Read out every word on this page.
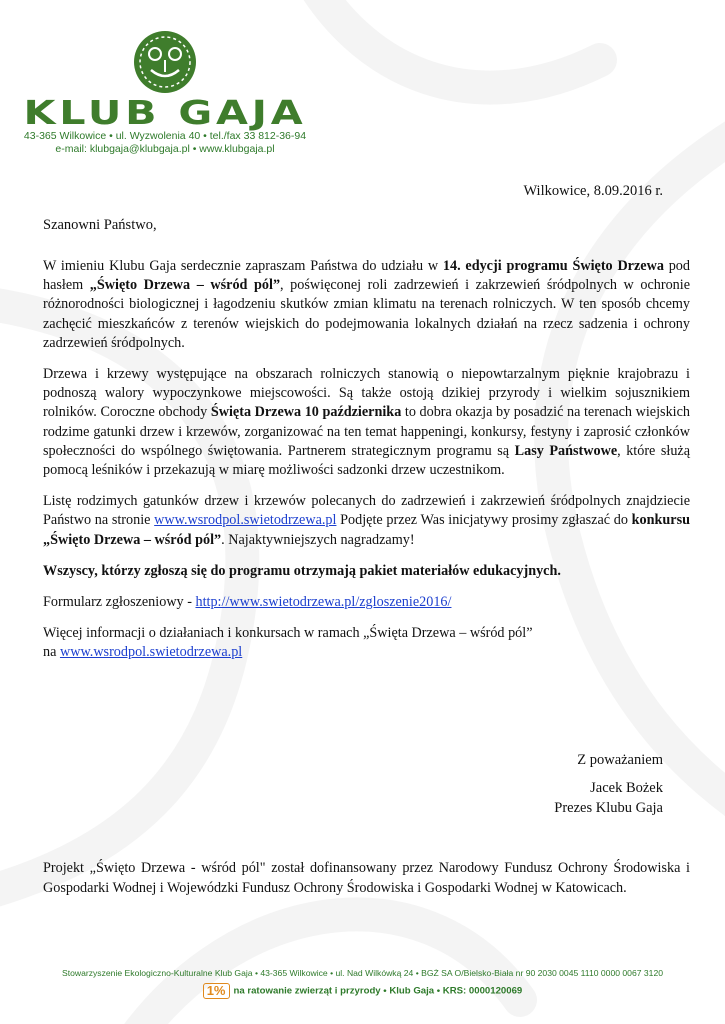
KLUB GAJA
43-365 Wilkowice • ul. Wyzwolenia 40 • tel./fax 33 812-36-94
e-mail: klubgaja@klubgaja.pl • www.klubgaja.pl
Wilkowice, 8.09.2016 r.
Szanowni Państwo,

W imieniu Klubu Gaja serdecznie zapraszam Państwa do udziału w 14. edycji programu Święto Drzewa pod hasłem „Święto Drzewa – wśród pól”, poświęconej roli zadrzewień i zakrzewień śródpolnych w ochronie różnorodności biologicznej i łagodzeniu skutków zmian klimatu na terenach rolniczych. W ten sposób chcemy zachęcić mieszkańców z terenów wiejskich do podejmowania lokalnych działań na rzecz sadzenia i ochrony zadrzewień śródpolnych.

Drzewa i krzewy występujące na obszarach rolniczych stanowią o niepowtarzalnym pięknie krajobrazu i podnoszą walory wypoczynkowe miejscowości. Są także ostoją dzikiej przyrody i wielkim sojusznikiem rolników. Coroczne obchody Święta Drzewa 10 października to dobra okazja by posadzić na terenach wiejskich rodzime gatunki drzew i krzewów, zorganizować na ten temat happeningi, konkursy, festyny i zaprosić członków społeczności do wspólnego świętowania. Partnerem strategicznym programu są Lasy Państwowe, które służą pomocą leśników i przekazują w miarę możliwości sadzonki drzew uczestnikom.

Listę rodzimych gatunków drzew i krzewów polecanych do zadrzewień i zakrzewień śródpolnych znajdziecie Państwo na stronie www.wsrodpol.swietodrzewa.pl Podjęte przez Was inicjatywy prosimy zgłaszać do konkursu „Święto Drzewa – wśród pól”. Najaktywniejszych nagradzamy!

Wszyscy, którzy zgłoszą się do programu otrzymają pakiet materiałów edukacyjnych.

Formularz zgłoszeniowy - http://www.swietodrzewa.pl/zgloszenie2016/

Więcej informacji o działaniach i konkursach w ramach „Święta Drzewa – wśród pól”
na www.wsrodpol.swietodrzewa.pl

Z poważaniem
Jacek Bożek
Prezes Klubu Gaja
Projekt „Święto Drzewa - wśród pól" został dofinansowany przez Narodowy Fundusz Ochrony Środowiska i Gospodarki Wodnej i Wojewódzki Fundusz Ochrony Środowiska i Gospodarki Wodnej w Katowicach.
Stowarzyszenie Ekologiczno-Kulturalne Klub Gaja • 43-365 Wilkowice • ul. Nad Wilkówką 24 • BGŻ SA O/Bielsko-Biała nr 90 2030 0045 1110 0000 0067 3120
1% na ratowanie zwierząt i przyrody • Klub Gaja • KRS: 0000120069
